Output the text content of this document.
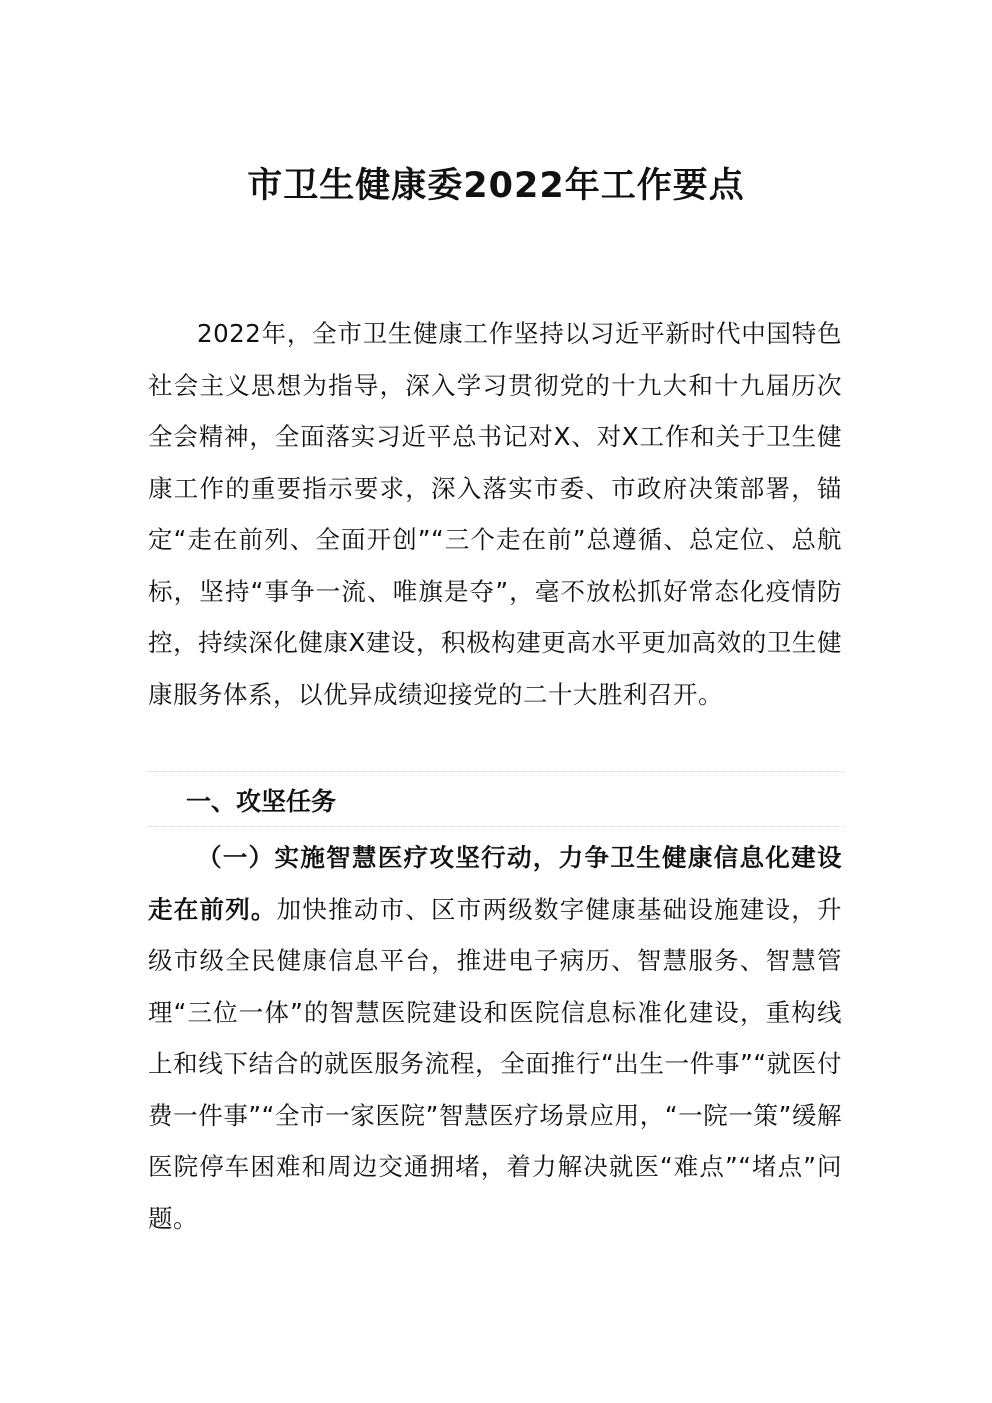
市卫生健康委2022年工作要点

2022年，全市卫生健康工作坚持以习近平新时代中国特色社会主义思想为指导，深入学习贯彻党的十九大和十九届历次全会精神，全面落实习近平总书记对X、对X工作和关于卫生健康工作的重要指示要求，深入落实市委、市政府决策部署，锚定“走在前列、全面开创”“三个走在前”总遵循、总定位、总航标，坚持“事争一流、唯旗是夺”，毫不放松抓好常态化疫情防控，持续深化健康X建设，积极构建更高水平更加高效的卫生健康服务体系，以优异成绩迎接党的二十大胜利召开。

一、攻坚任务

（一）实施智慧医疗攻坚行动，力争卫生健康信息化建设走在前列。加快推动市、区市两级数字健康基础设施建设，升级市级全民健康信息平台，推进电子病历、智慧服务、智慧管理“三位一体”的智慧医院建设和医院信息标准化建设，重构线上和线下结合的就医服务流程，全面推行“出生一件事”“就医付费一件事”“全市一家医院”智慧医疗场景应用，“一院一策”缓解医院停车困难和周边交通拥堵，着力解决就医“难点”“堵点”问题。
